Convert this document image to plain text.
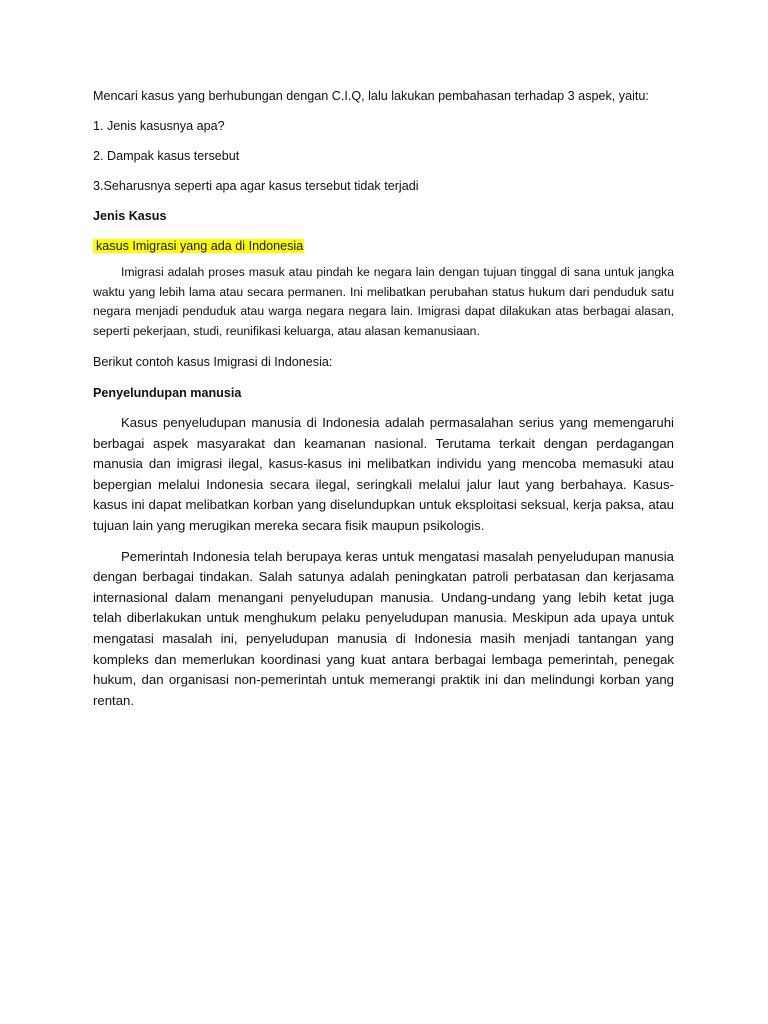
Mencari kasus yang berhubungan dengan C.I.Q, lalu lakukan pembahasan terhadap 3 aspek, yaitu:

1. Jenis kasusnya apa?

2. Dampak kasus tersebut

3.Seharusnya seperti apa agar kasus tersebut tidak terjadi

Jenis Kasus

kasus Imigrasi yang ada di Indonesia

Imigrasi adalah proses masuk atau pindah ke negara lain dengan tujuan tinggal di sana untuk jangka waktu yang lebih lama atau secara permanen. Ini melibatkan perubahan status hukum dari penduduk satu negara menjadi penduduk atau warga negara negara lain. Imigrasi dapat dilakukan atas berbagai alasan, seperti pekerjaan, studi, reunifikasi keluarga, atau alasan kemanusiaan.

Berikut contoh kasus Imigrasi di Indonesia:

Penyelundupan manusia

Kasus penyeludupan manusia di Indonesia adalah permasalahan serius yang memengaruhi berbagai aspek masyarakat dan keamanan nasional. Terutama terkait dengan perdagangan manusia dan imigrasi ilegal, kasus-kasus ini melibatkan individu yang mencoba memasuki atau bepergian melalui Indonesia secara ilegal, seringkali melalui jalur laut yang berbahaya. Kasus-kasus ini dapat melibatkan korban yang diselundupkan untuk eksploitasi seksual, kerja paksa, atau tujuan lain yang merugikan mereka secara fisik maupun psikologis.

Pemerintah Indonesia telah berupaya keras untuk mengatasi masalah penyeludupan manusia dengan berbagai tindakan. Salah satunya adalah peningkatan patroli perbatasan dan kerjasama internasional dalam menangani penyeludupan manusia. Undang-undang yang lebih ketat juga telah diberlakukan untuk menghukum pelaku penyeludupan manusia. Meskipun ada upaya untuk mengatasi masalah ini, penyeludupan manusia di Indonesia masih menjadi tantangan yang kompleks dan memerlukan koordinasi yang kuat antara berbagai lembaga pemerintah, penegak hukum, dan organisasi non-pemerintah untuk memerangi praktik ini dan melindungi korban yang rentan.
